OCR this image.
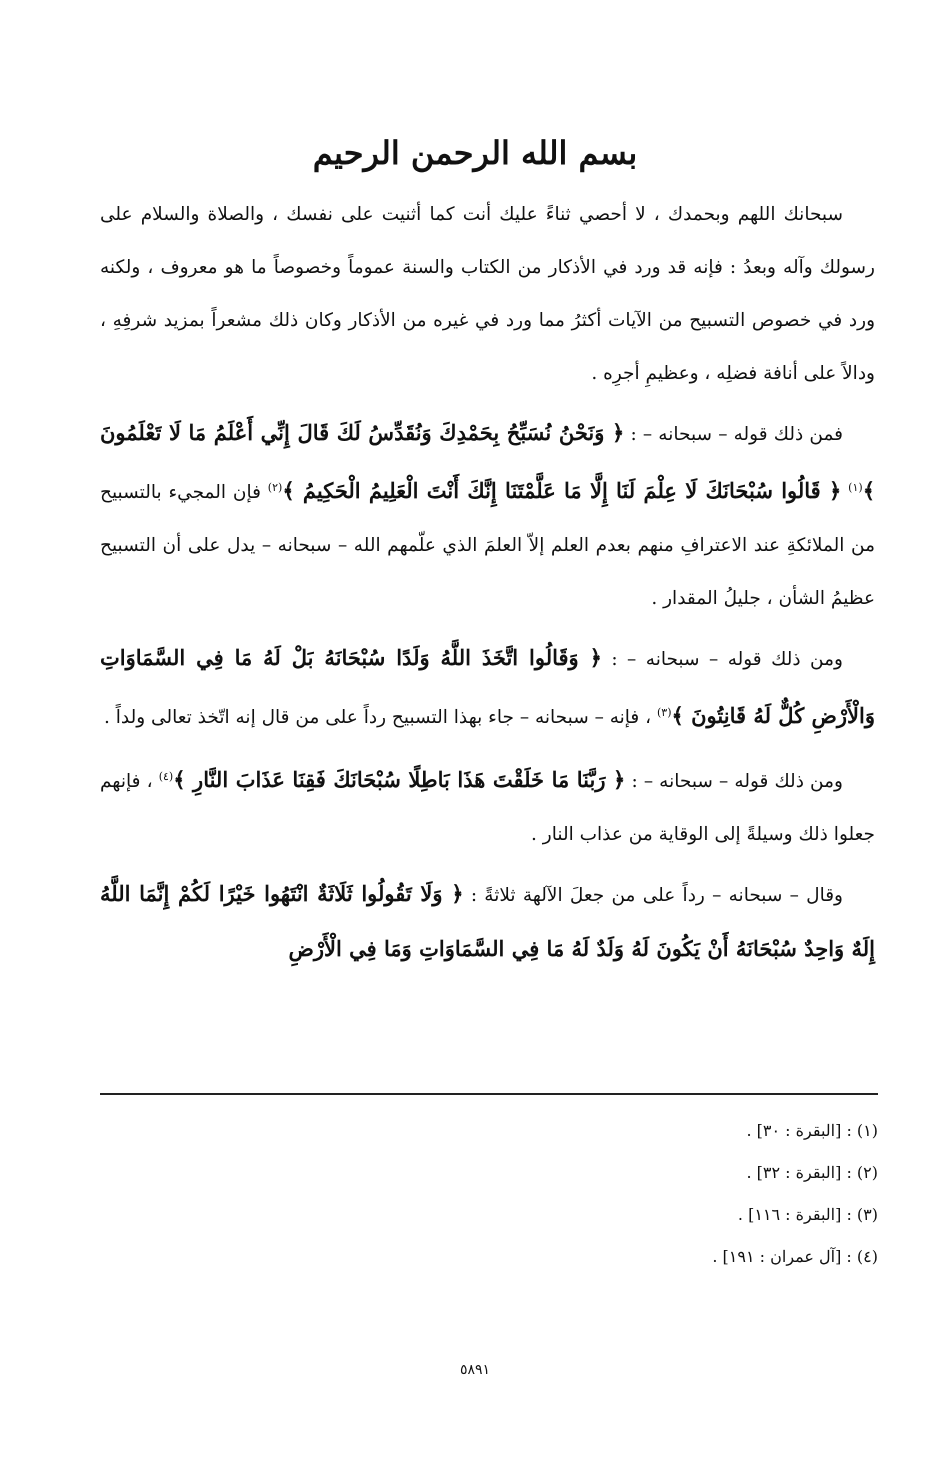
بسم الله الرحمن الرحيم

سبحانك اللهم وبحمدك ، لا أحصي ثناءً عليك أنت كما أثنيت على نفسك ، والصلاة والسلام على رسولك وآله وبعدُ : فإنه قد ورد في الأذكار من الكتاب والسنة عموماً وخصوصاً ما هو معروف ، ولكنه ورد في خصوص التسبيح من الآيات أكثرُ مما ورد في غيره من الأذكار وكان ذلك مشعراً بمزيد شرفِهِ ، ودالاً على أنافة فضلِه ، وعظيمِ أجرِه .

فمن ذلك قوله – سبحانه – : ﴿ وَنَحْنُ نُسَبِّحُ بِحَمْدِكَ وَنُقَدِّسُ لَكَ قَالَ إِنِّي أَعْلَمُ مَا لَا تَعْلَمُونَ ﴾$^{(١)}$ ﴿ قَالُوا سُبْحَانَكَ لَا عِلْمَ لَنَا إِلَّا مَا عَلَّمْتَنَا إِنَّكَ أَنْتَ الْعَلِيمُ الْحَكِيمُ ﴾$^{(٢)}$ فإن المجيء بالتسبيح من الملائكةِ عند الاعترافِ منهم بعدم العلم إلاّ العلمَ الذي علّمهم الله – سبحانه – يدل على أن التسبيح عظيمُ الشأن ، جليلُ المقدار .

ومن ذلك قوله – سبحانه – : ﴿ وَقَالُوا اتَّخَذَ اللَّهُ وَلَدًا سُبْحَانَهُ بَلْ لَهُ مَا فِي السَّمَاوَاتِ وَالْأَرْضِ كُلٌّ لَهُ قَانِتُونَ ﴾$^{(٣)}$ ، فإنه – سبحانه – جاء بهذا التسبيح رداً على من قال إنه اتّخذ تعالى ولداً .

ومن ذلك قوله – سبحانه – : ﴿ رَبَّنَا مَا خَلَقْتَ هَذَا بَاطِلًا سُبْحَانَكَ فَقِنَا عَذَابَ النَّارِ ﴾$^{(٤)}$ ، فإنهم جعلوا ذلك وسيلةً إلى الوقاية من عذاب النار .

وقال – سبحانه – رداً على من جعلَ الآلهة ثلاثةً : ﴿ وَلَا تَقُولُوا ثَلَاثَةٌ انْتَهُوا خَيْرًا لَكُمْ إِنَّمَا اللَّهُ إِلَهٌ وَاحِدٌ سُبْحَانَهُ أَنْ يَكُونَ لَهُ وَلَدٌ لَهُ مَا فِي السَّمَاوَاتِ وَمَا فِي الْأَرْضِ

(١) : [البقرة : ٣٠] .
(٢) : [البقرة : ٣٢] .
(٣) : [البقرة : ١١٦] .
(٤) : [آل عمران : ١٩١] .
٥٨٩١
